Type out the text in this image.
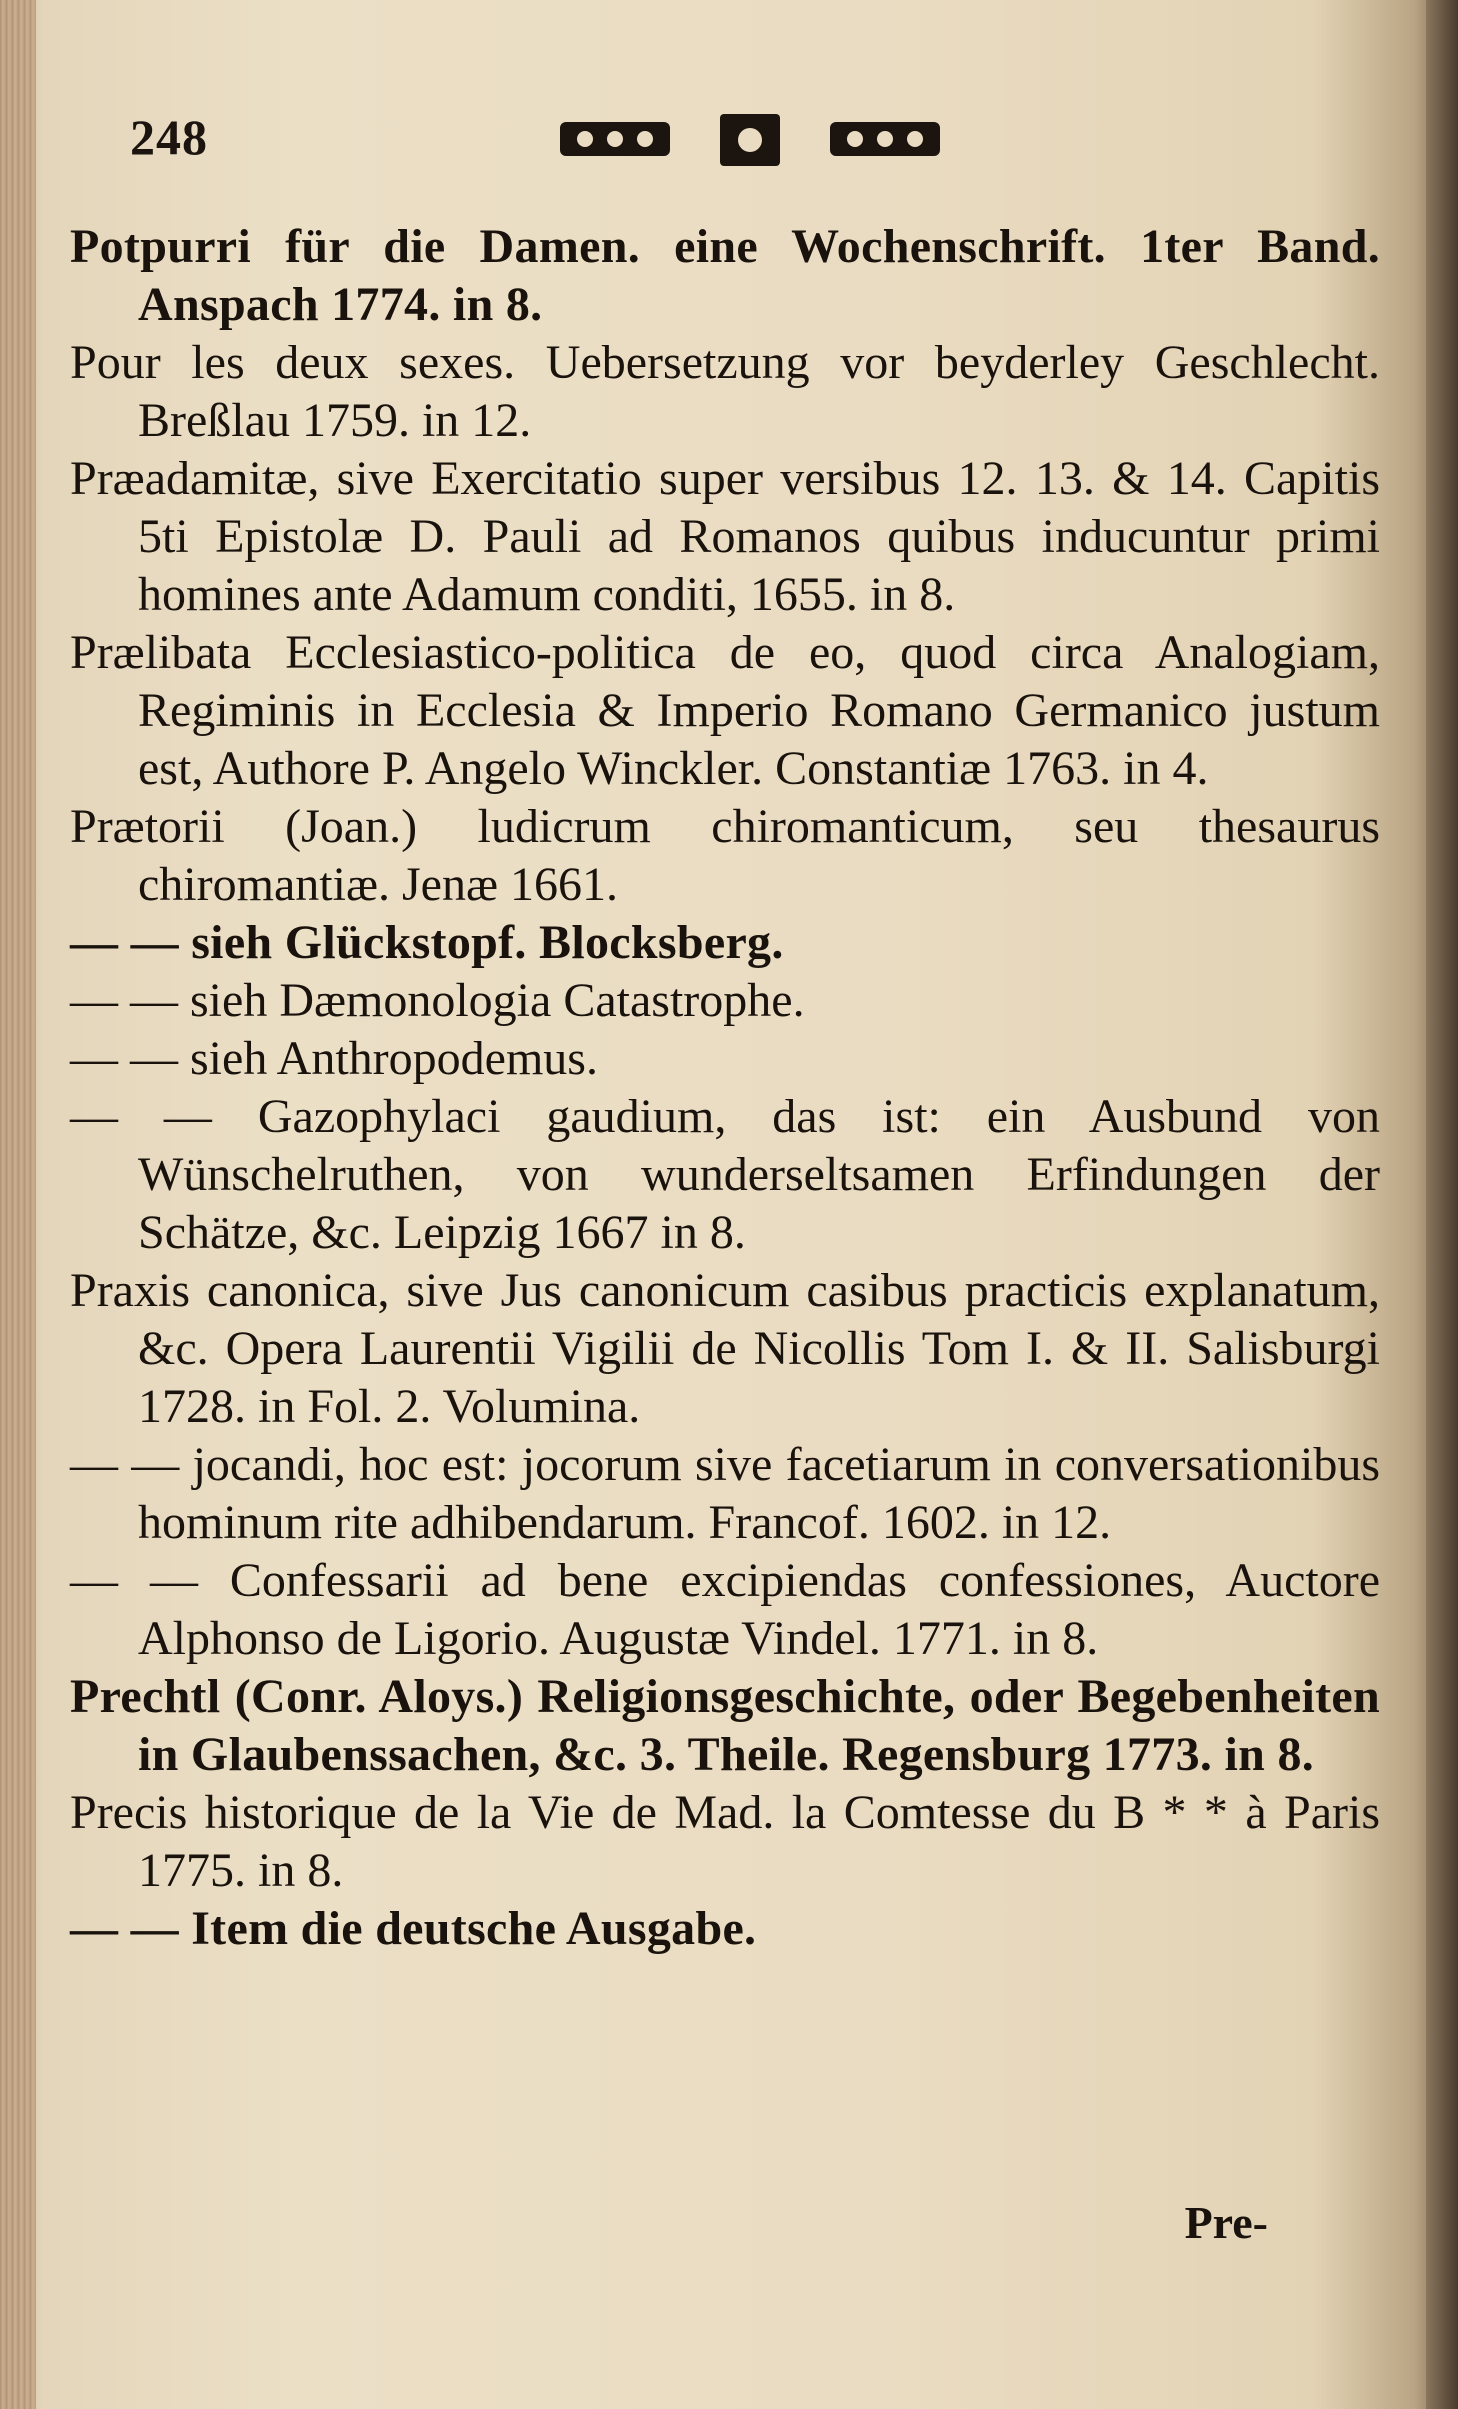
248

Potpurri für die Damen. eine Wochenschrift. 1ter Band. Anspach 1774. in 8.

Pour les deux sexes. Uebersetzung vor beyderley Geschlecht. Breßlau 1759. in 12.

Præadamitæ, sive Exercitatio super versibus 12. 13. & 14. Capitis 5ti Epistolæ D. Pauli ad Romanos quibus inducuntur primi homines ante Adamum conditi, 1655. in 8.

Prælibata Ecclesiastico-politica de eo, quod circa Analogiam, Regiminis in Ecclesia & Imperio Romano Germanico justum est, Authore P. Angelo Winckler. Constantiæ 1763. in 4.

Prætorii (Joan.) ludicrum chiromanticum, seu thesaurus chiromantiæ. Jenæ 1661.

— — sieh Glückstopf. Blocksberg.

— — sieh Dæmonologia Catastrophe.

— — sieh Anthropodemus.

— — Gazophylaci gaudium, das ist: ein Ausbund von Wünschelruthen, von wunderseltsamen Erfindungen der Schätze, &c. Leipzig 1667 in 8.

Praxis canonica, sive Jus canonicum casibus practicis explanatum, &c. Opera Laurentii Vigilii de Nicollis Tom I. & II. Salisburgi 1728. in Fol. 2. Volumina.

— — jocandi, hoc est: jocorum sive facetiarum in conversationibus hominum rite adhibendarum. Francof. 1602. in 12.

— — Confessarii ad bene excipiendas confessiones, Auctore Alphonso de Ligorio. Augustæ Vindel. 1771. in 8.

Prechtl (Conr. Aloys.) Religionsgeschichte, oder Begebenheiten in Glaubenssachen, &c. 3. Theile. Regensburg 1773. in 8.

Precis historique de la Vie de Mad. la Comtesse du B * * à Paris 1775. in 8.

— — Item die deutsche Ausgabe.

Pre-
